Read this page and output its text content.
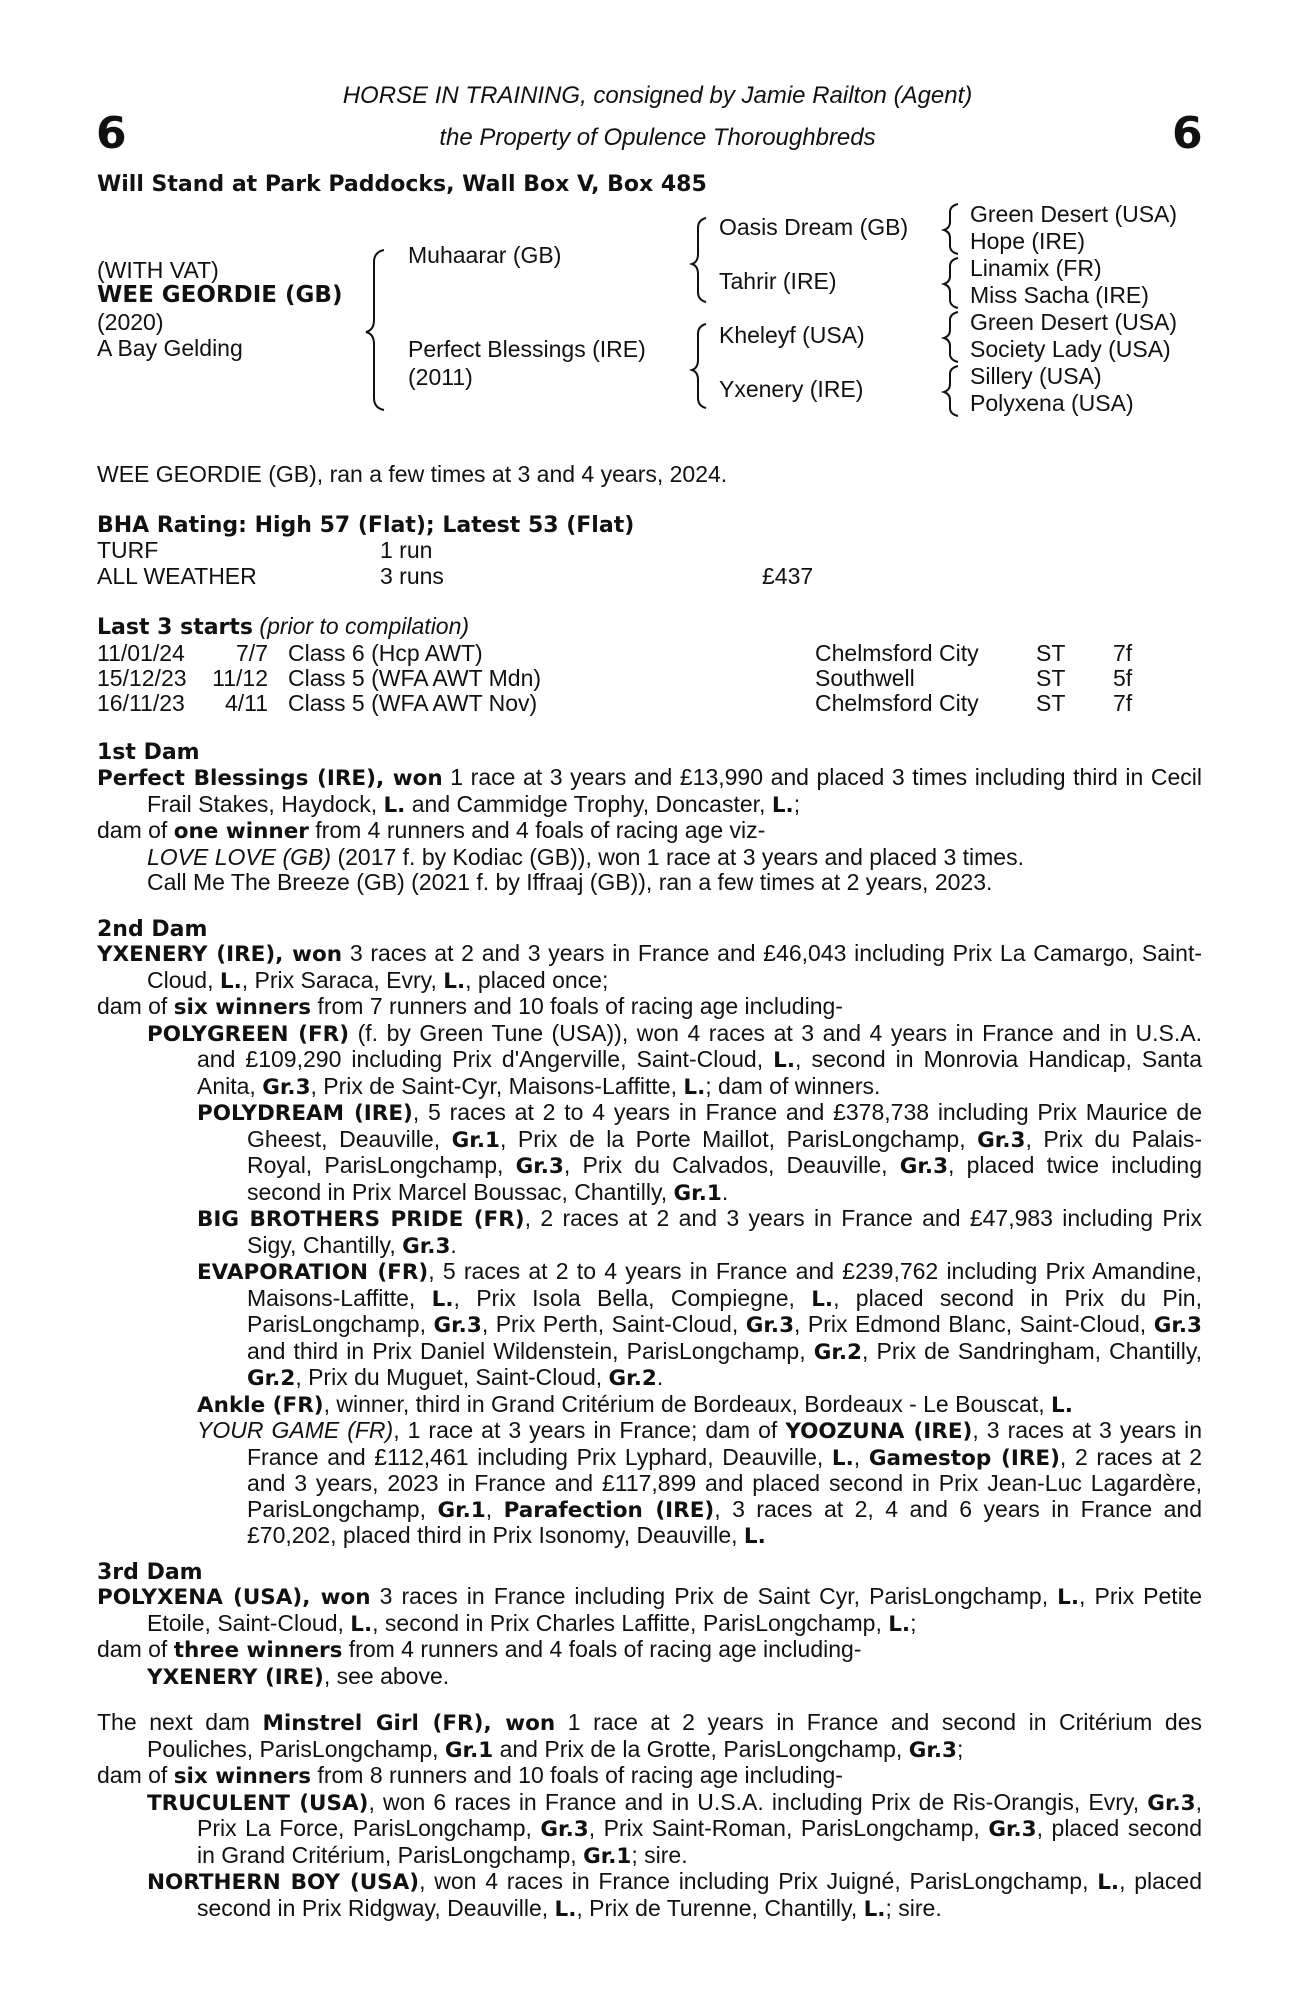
6	6
HORSE IN TRAINING, consigned by Jamie Railton (Agent)
the Property of Opulence Thoroughbreds
Will Stand at Park Paddocks, Wall Box V, Box 485
(WITH VAT)
WEE GEORDIE (GB)
(2020)
A Bay Gelding
Muhaarar (GB)
Perfect Blessings (IRE)
(2011)
Oasis Dream (GB)
Tahrir (IRE)
Kheleyf (USA)
Yxenery (IRE)
Green Desert (USA)
Hope (IRE)
Linamix (FR)
Miss Sacha (IRE)
Green Desert (USA)
Society Lady (USA)
Sillery (USA)
Polyxena (USA)
WEE GEORDIE (GB), ran a few times at 3 and 4 years, 2024.
BHA Rating: High 57 (Flat); Latest 53 (Flat)
TURF	1 run
ALL WEATHER	3 runs	£437
Last 3 starts (prior to compilation)
11/01/24	7/7 Class 6 (Hcp AWT)	Chelmsford City ST 7f
15/12/23	11/12 Class 5 (WFA AWT Mdn)	Southwell	ST 5f
16/11/23	4/11 Class 5 (WFA AWT Nov)	Chelmsford City ST 7f
1st Dam
Perfect Blessings (IRE), won 1 race at 3 years and £13,990 and placed 3 times including third in Cecil Frail Stakes, Haydock, L. and Cammidge Trophy, Doncaster, L.;
dam of one winner from 4 runners and 4 foals of racing age viz-
LOVE LOVE (GB) (2017 f. by Kodiac (GB)), won 1 race at 3 years and placed 3 times.
Call Me The Breeze (GB) (2021 f. by Iffraaj (GB)), ran a few times at 2 years, 2023.
2nd Dam
YXENERY (IRE), won 3 races at 2 and 3 years in France and £46,043 including Prix La Camargo, Saint-Cloud, L., Prix Saraca, Evry, L., placed once;
dam of six winners from 7 runners and 10 foals of racing age including-
POLYGREEN (FR) (f. by Green Tune (USA)), won 4 races at 3 and 4 years in France and in U.S.A. and £109,290 including Prix d'Angerville, Saint-Cloud, L., second in Monrovia Handicap, Santa Anita, Gr.3, Prix de Saint-Cyr, Maisons-Laffitte, L.; dam of winners.
POLYDREAM (IRE), 5 races at 2 to 4 years in France and £378,738 including Prix Maurice de Gheest, Deauville, Gr.1, Prix de la Porte Maillot, ParisLongchamp, Gr.3, Prix du Palais-Royal, ParisLongchamp, Gr.3, Prix du Calvados, Deauville, Gr.3, placed twice including second in Prix Marcel Boussac, Chantilly, Gr.1.
BIG BROTHERS PRIDE (FR), 2 races at 2 and 3 years in France and £47,983 including Prix Sigy, Chantilly, Gr.3.
EVAPORATION (FR), 5 races at 2 to 4 years in France and £239,762 including Prix Amandine, Maisons-Laffitte, L., Prix Isola Bella, Compiegne, L., placed second in Prix du Pin, ParisLongchamp, Gr.3, Prix Perth, Saint-Cloud, Gr.3, Prix Edmond Blanc, Saint-Cloud, Gr.3 and third in Prix Daniel Wildenstein, ParisLongchamp, Gr.2, Prix de Sandringham, Chantilly, Gr.2, Prix du Muguet, Saint-Cloud, Gr.2.
Ankle (FR), winner, third in Grand Critérium de Bordeaux, Bordeaux - Le Bouscat, L.
YOUR GAME (FR), 1 race at 3 years in France; dam of YOOZUNA (IRE), 3 races at 3 years in France and £112,461 including Prix Lyphard, Deauville, L., Gamestop (IRE), 2 races at 2 and 3 years, 2023 in France and £117,899 and placed second in Prix Jean-Luc Lagardère, ParisLongchamp, Gr.1, Parafection (IRE), 3 races at 2, 4 and 6 years in France and £70,202, placed third in Prix Isonomy, Deauville, L.
3rd Dam
POLYXENA (USA), won 3 races in France including Prix de Saint Cyr, ParisLongchamp, L., Prix Petite Etoile, Saint-Cloud, L., second in Prix Charles Laffitte, ParisLongchamp, L.;
dam of three winners from 4 runners and 4 foals of racing age including-
YXENERY (IRE), see above.
The next dam Minstrel Girl (FR), won 1 race at 2 years in France and second in Critérium des Pouliches, ParisLongchamp, Gr.1 and Prix de la Grotte, ParisLongchamp, Gr.3;
dam of six winners from 8 runners and 10 foals of racing age including-
TRUCULENT (USA), won 6 races in France and in U.S.A. including Prix de Ris-Orangis, Evry, Gr.3, Prix La Force, ParisLongchamp, Gr.3, Prix Saint-Roman, ParisLongchamp, Gr.3, placed second in Grand Critérium, ParisLongchamp, Gr.1; sire.
NORTHERN BOY (USA), won 4 races in France including Prix Juigné, ParisLongchamp, L., placed second in Prix Ridgway, Deauville, L., Prix de Turenne, Chantilly, L.; sire.
